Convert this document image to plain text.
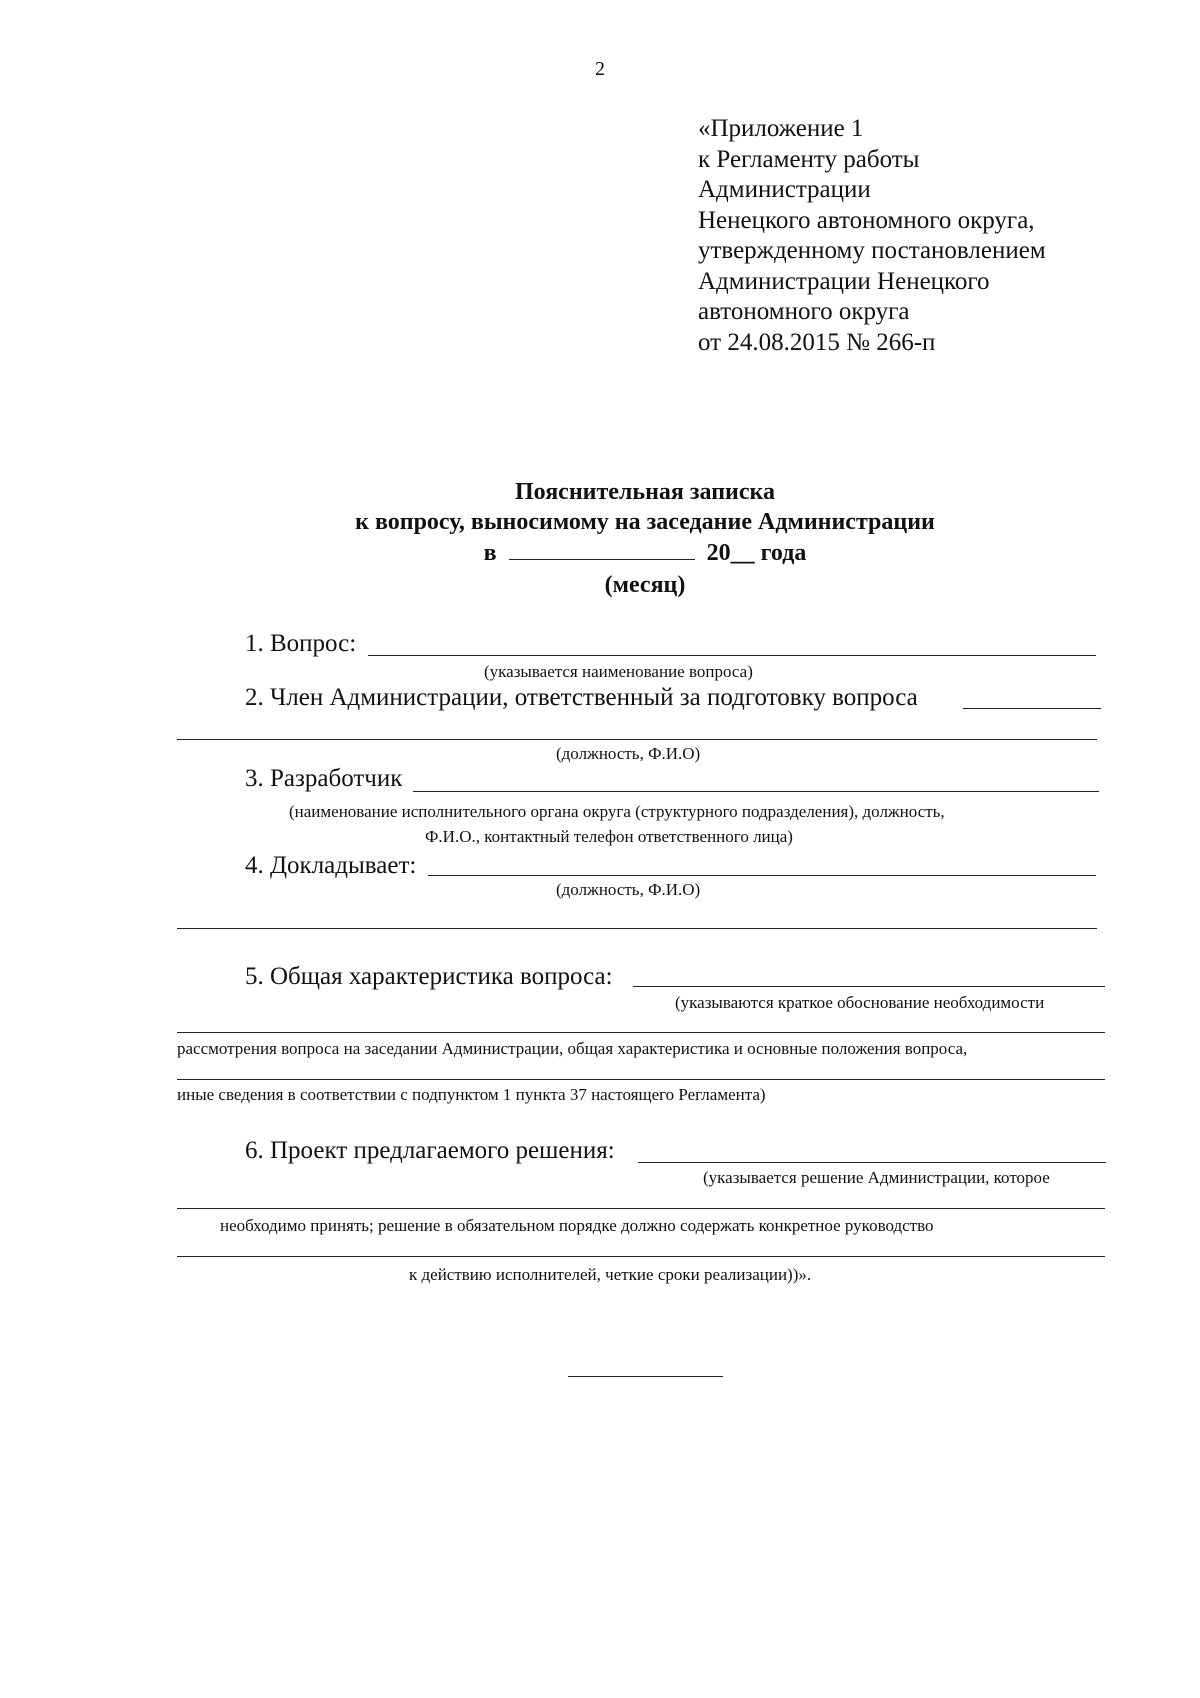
2
«Приложение 1
к Регламенту работы
Администрации
Ненецкого автономного округа,
утвержденному постановлением
Администрации Ненецкого
автономного округа
от 24.08.2015 № 266-п
Пояснительная записка
к вопросу, выносимому на заседание Администрации
в	20__ года
(месяц)
1. Вопрос:
(указывается наименование вопроса)
2. Член Администрации, ответственный за подготовку вопроса
(должность, Ф.И.О)
3. Разработчик
(наименование исполнительного органа округа (структурного подразделения), должность,
Ф.И.О., контактный телефон ответственного лица)
4. Докладывает:
(должность, Ф.И.О)
5. Общая характеристика вопроса:
(указываются краткое обоснование необходимости
рассмотрения вопроса на заседании Администрации, общая характеристика и основные положения вопроса,
иные сведения в соответствии с подпунктом 1 пункта 37 настоящего Регламента)
6. Проект предлагаемого решения:
(указывается решение Администрации, которое
необходимо принять; решение в обязательном порядке должно содержать конкретное руководство
к действию исполнителей, четкие сроки реализации))».
